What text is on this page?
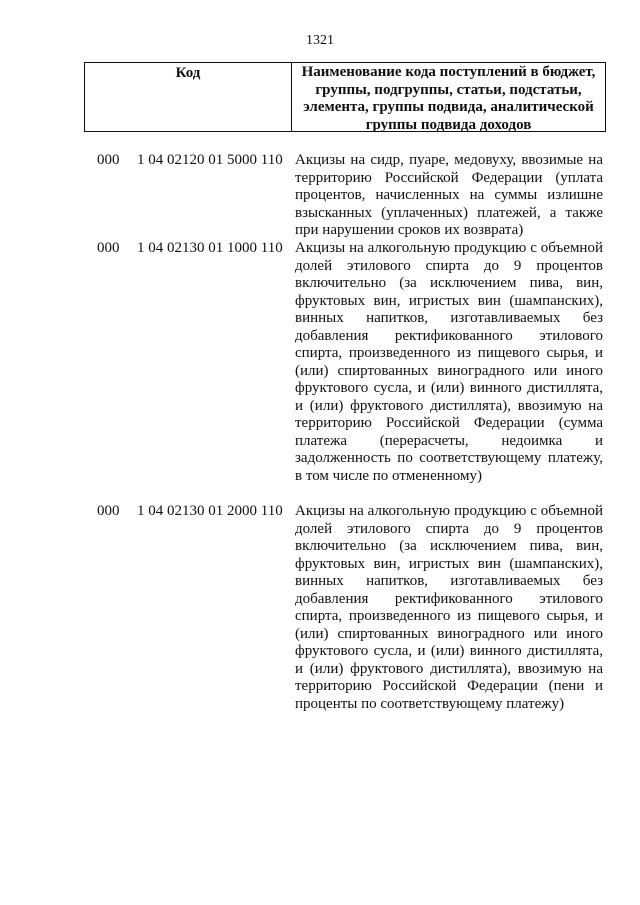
1321
Код	Наименование кода поступлений в бюджет, группы, подгруппы, статьи, подстатьи, элемента, группы подвида, аналитической группы подвида доходов
000 1 04 02120 01 5000 110 Акцизы на сидр, пуаре, медовуху, ввозимые на территорию Российской Федерации (уплата процентов, начисленных на суммы излишне взысканных (уплаченных) платежей, а также при нарушении сроков их возврата)
000 1 04 02130 01 1000 110 Акцизы на алкогольную продукцию с объемной долей этилового спирта до 9 процентов включительно (за исключением пива, вин, фруктовых вин, игристых вин (шампанских), винных напитков, изготавливаемых без добавления ректификованного этилового спирта, произведенного из пищевого сырья, и (или) спиртованных виноградного или иного фруктового сусла, и (или) винного дистиллята, и (или) фруктового дистиллята), ввозимую на территорию Российской Федерации (сумма платежа (перерасчеты, недоимка и задолженность по соответствующему платежу, в том числе по отмененному)
000 1 04 02130 01 2000 110 Акцизы на алкогольную продукцию с объемной долей этилового спирта до 9 процентов включительно (за исключением пива, вин, фруктовых вин, игристых вин (шампанских), винных напитков, изготавливаемых без добавления ректификованного этилового спирта, произведенного из пищевого сырья, и (или) спиртованных виноградного или иного фруктового сусла, и (или) винного дистиллята, и (или) фруктового дистиллята), ввозимую на территорию Российской Федерации (пени и проценты по соответствующему платежу)
